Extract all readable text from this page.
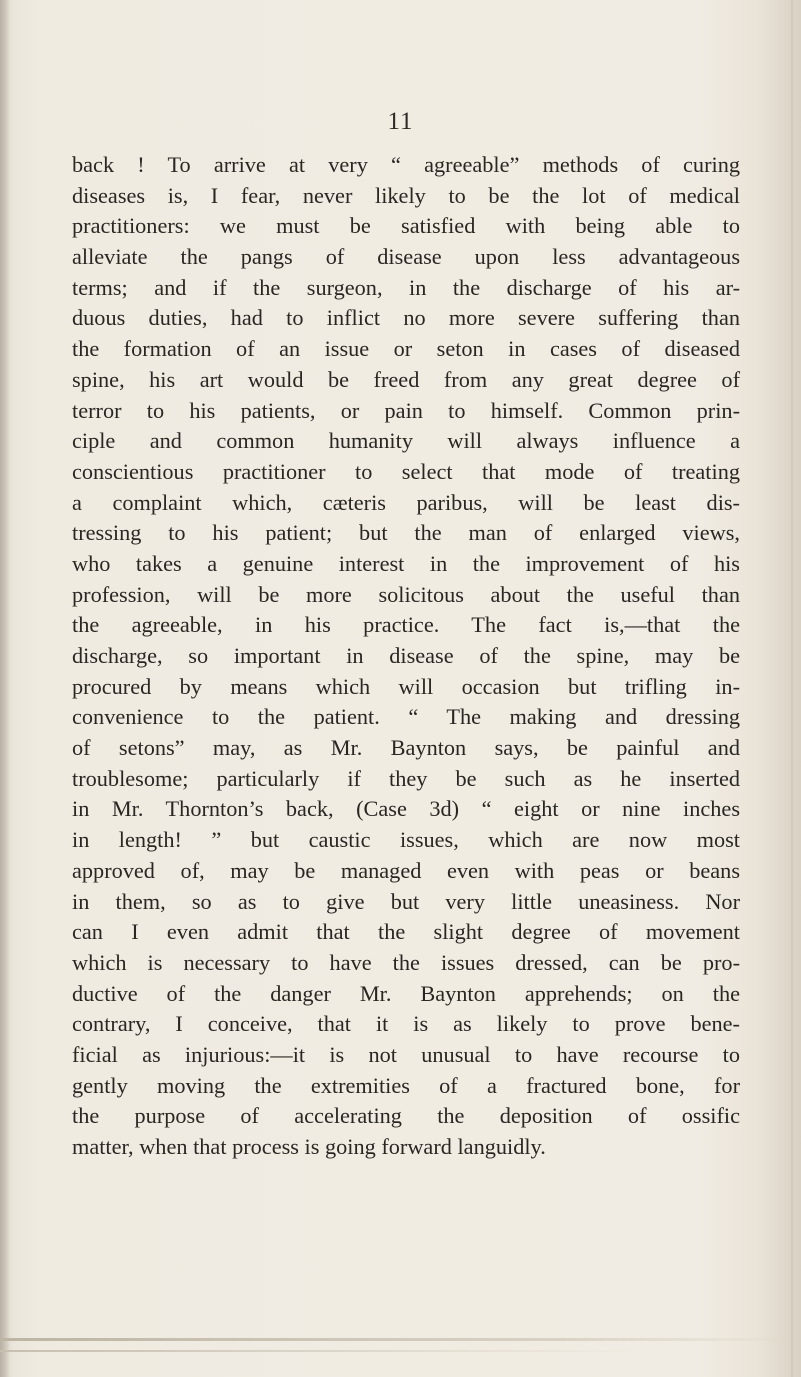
11
back ! To arrive at very “ agreeable” methods of curing
diseases is, I fear, never likely to be the lot of medical
practitioners: we must be satisfied with being able to
alleviate the pangs of disease upon less advantageous
terms; and if the surgeon, in the discharge of his ar-
duous duties, had to inflict no more severe suffering than
the formation of an issue or seton in cases of diseased
spine, his art would be freed from any great degree of
terror to his patients, or pain to himself. Common prin-
ciple and common humanity will always influence a
conscientious practitioner to select that mode of treating
a complaint which, cæteris paribus, will be least dis-
tressing to his patient; but the man of enlarged views,
who takes a genuine interest in the improvement of his
profession, will be more solicitous about the useful than
the agreeable, in his practice. The fact is,—that the
discharge, so important in disease of the spine, may be
procured by means which will occasion but trifling in-
convenience to the patient. “ The making and dressing
of setons” may, as Mr. Baynton says, be painful and
troublesome; particularly if they be such as he inserted
in Mr. Thornton’s back, (Case 3d) “ eight or nine inches
in length! ” but caustic issues, which are now most
approved of, may be managed even with peas or beans
in them, so as to give but very little uneasiness. Nor
can I even admit that the slight degree of movement
which is necessary to have the issues dressed, can be pro-
ductive of the danger Mr. Baynton apprehends; on the
contrary, I conceive, that it is as likely to prove bene-
ficial as injurious:—it is not unusual to have recourse to
gently moving the extremities of a fractured bone, for
the purpose of accelerating the deposition of ossific
matter, when that process is going forward languidly.
